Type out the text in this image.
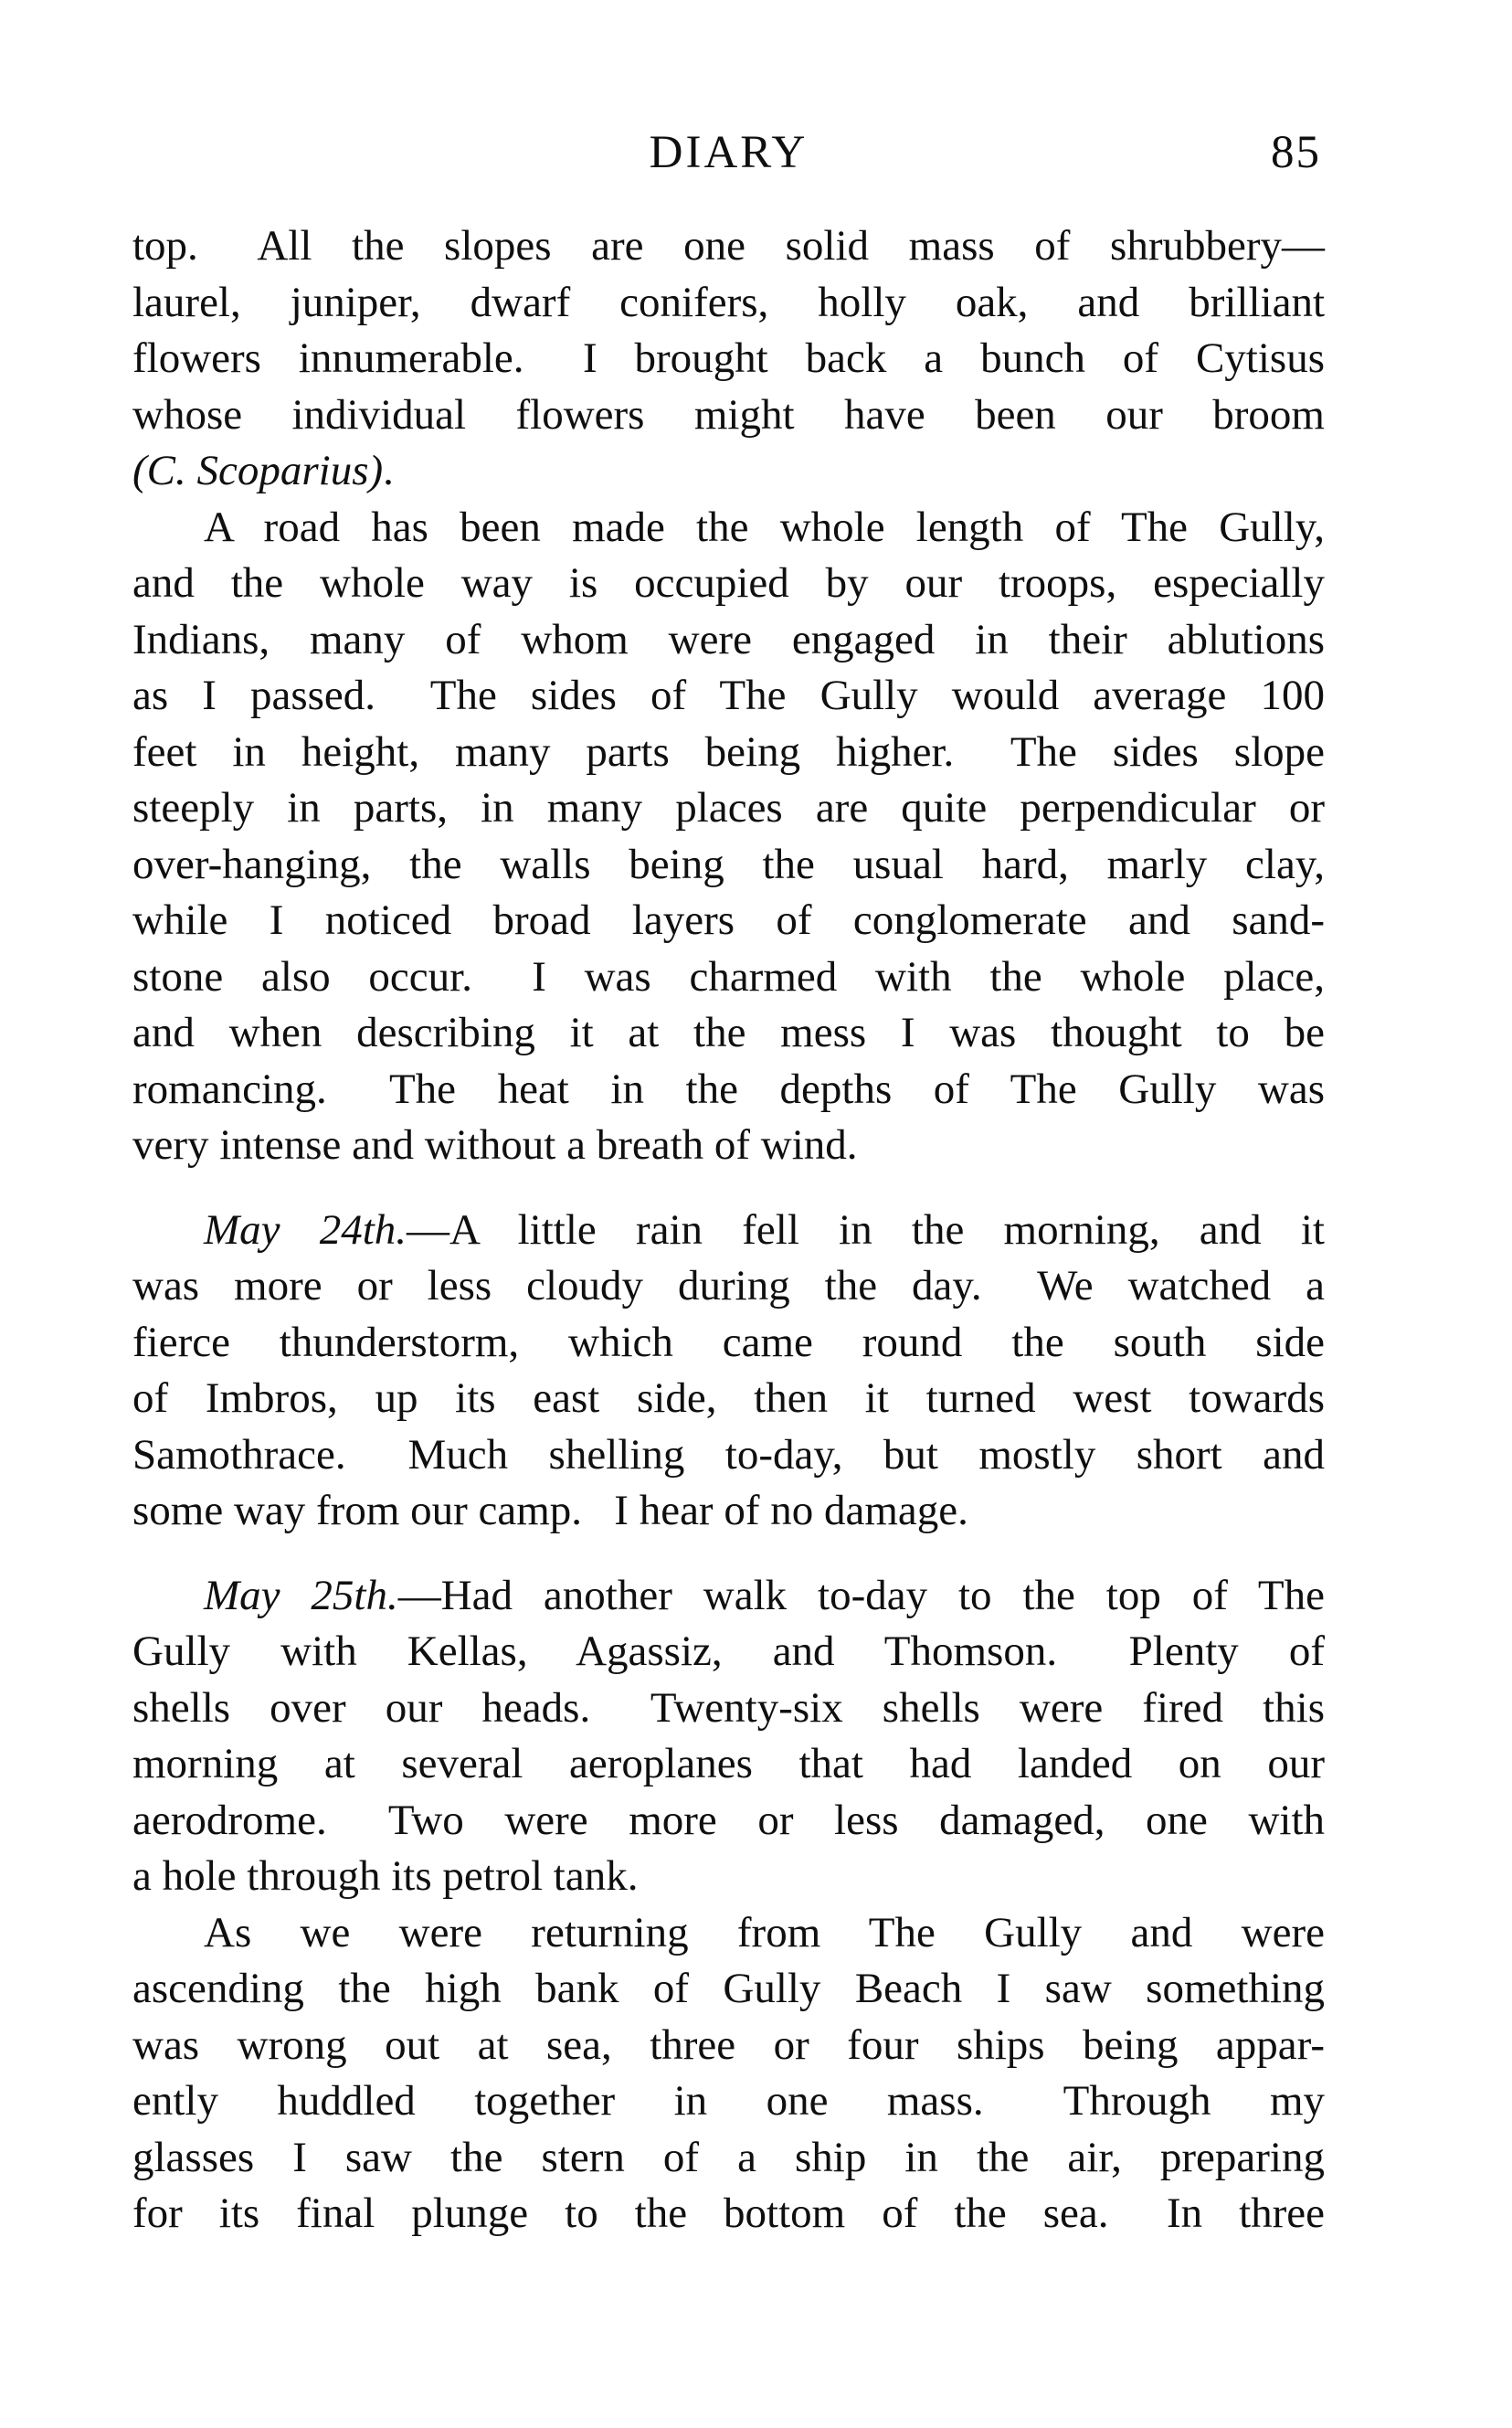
DIARY	85
top.  All the slopes are one solid mass of shrubbery—
laurel, juniper, dwarf conifers, holly oak, and brilliant
flowers innumerable.  I brought back a bunch of Cytisus
whose individual flowers might have been our broom
(C. Scoparius).
A road has been made the whole length of The Gully,
and the whole way is occupied by our troops, especially
Indians, many of whom were engaged in their ablutions
as I passed.  The sides of The Gully would average 100
feet in height, many parts being higher.  The sides slope
steeply in parts, in many places are quite perpendicular or
over-hanging, the walls being the usual hard, marly clay,
while I noticed broad layers of conglomerate and sand-
stone also occur.  I was charmed with the whole place,
and when describing it at the mess I was thought to be
romancing.  The heat in the depths of The Gully was
very intense and without a breath of wind.
May 24th.—A little rain fell in the morning, and it
was more or less cloudy during the day.  We watched a
fierce thunderstorm, which came round the south side
of Imbros, up its east side, then it turned west towards
Samothrace.  Much shelling to-day, but mostly short and
some way from our camp.  I hear of no damage.
May 25th.—Had another walk to-day to the top of The
Gully with Kellas, Agassiz, and Thomson.  Plenty of
shells over our heads.  Twenty-six shells were fired this
morning at several aeroplanes that had landed on our
aerodrome.  Two were more or less damaged, one with
a hole through its petrol tank.
As we were returning from The Gully and were
ascending the high bank of Gully Beach I saw something
was wrong out at sea, three or four ships being appar-
ently huddled together in one mass.  Through my
glasses I saw the stern of a ship in the air, preparing
for its final plunge to the bottom of the sea.  In three
